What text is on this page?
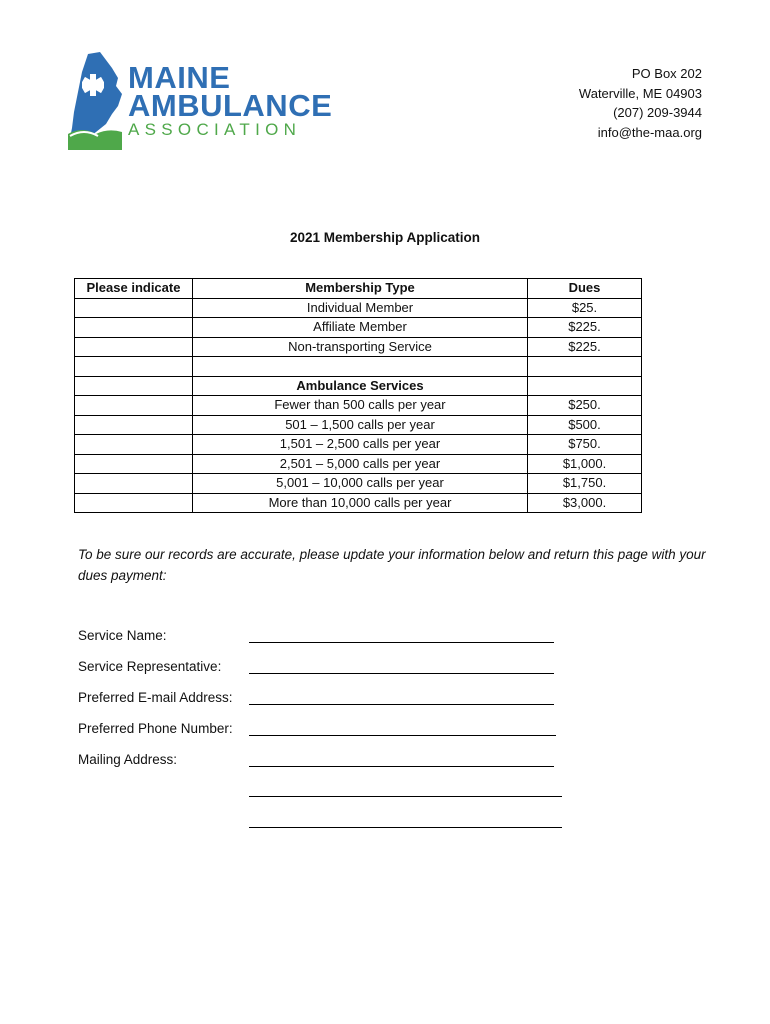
MAINE
AMBULANCE
ASSOCIATION
PO Box 202
Waterville, ME 04903
(207) 209-3944
info@the-maa.org
2021 Membership Application
Please indicate	Membership Type	Dues
	Individual Member	$25.
	Affiliate Member	$225.
	Non-transporting Service	$225.

	Ambulance Services	
	Fewer than 500 calls per year	$250.
	501 – 1,500 calls per year	$500.
	1,501 – 2,500 calls per year	$750.
	2,501 – 5,000 calls per year	$1,000.
	5,001 – 10,000 calls per year	$1,750.
	More than 10,000 calls per year	$3,000.
To be sure our records are accurate, please update your information below and return this page with your dues payment:
Service Name:
Service Representative:
Preferred E-mail Address:
Preferred Phone Number:
Mailing Address:
